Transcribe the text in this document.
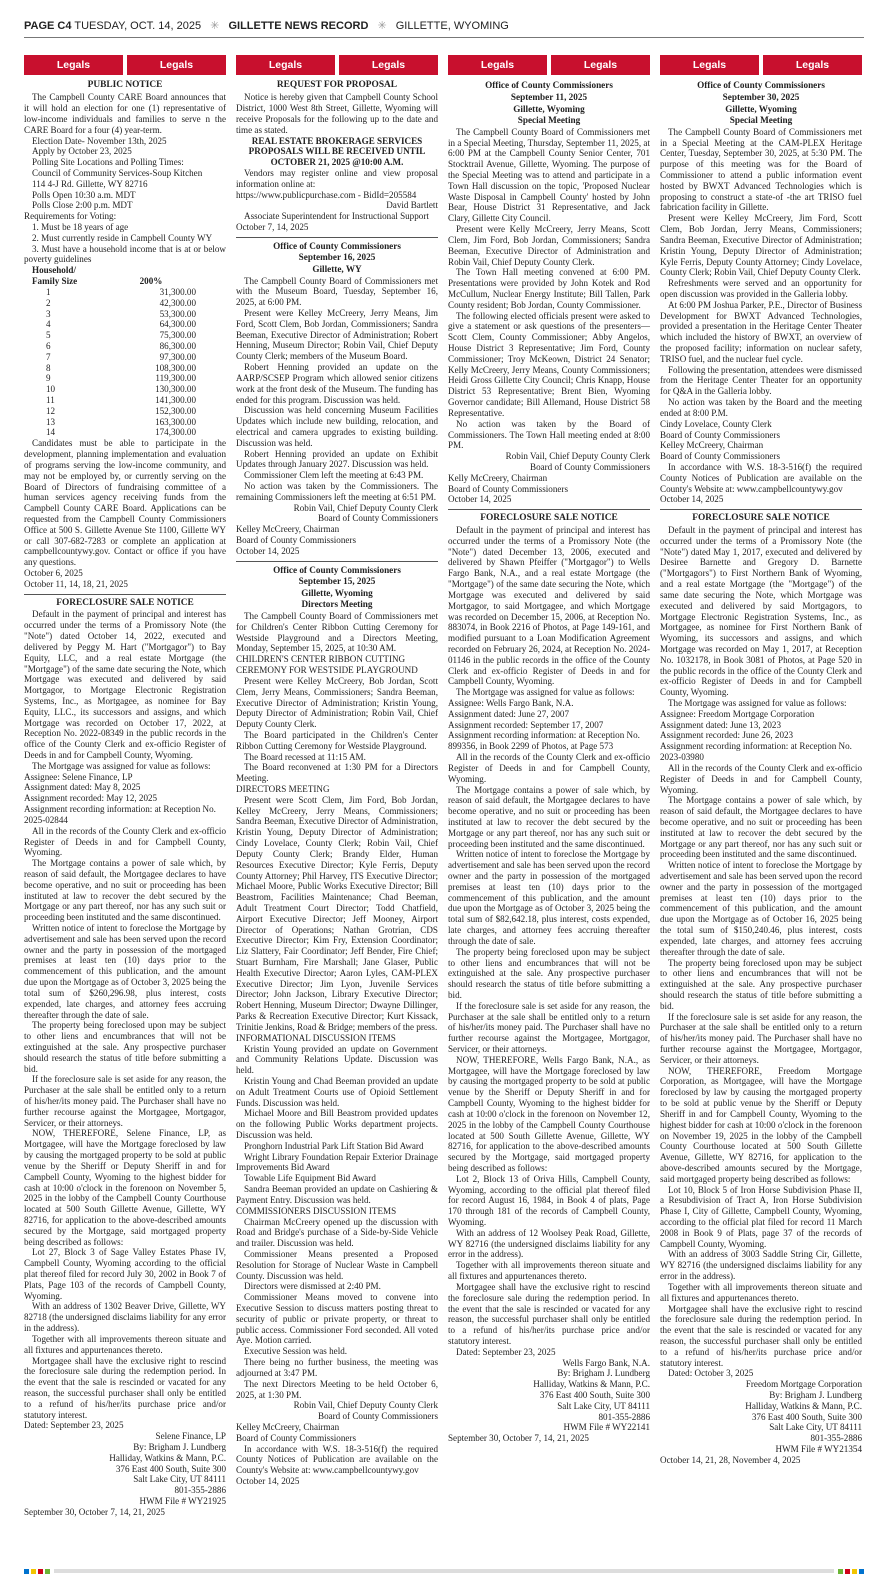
PAGE C4 TUESDAY, OCT. 14, 2025 ✳ GILLETTE NEWS RECORD ✳ GILLETTE, WYOMING
Legals	Legals
PUBLIC NOTICE

The Campbell County CARE Board announces that it will hold an election for one (1) representative of low-income individuals and families to serve n the CARE Board for a four (4) year-term.

Election Date- November 13th, 2025

Apply by October 23, 2025

Polling Site Locations and Polling Times:

Council of Community Services-Soup Kitchen

114 4-J Rd. Gillette, WY 82716

Polls Open 10:30 a.m. MDT

Polls Close 2:00 p.m. MDT

Requirements for Voting:

1. Must be 18 years of age

2. Must currently reside in Campbell County WY

3. Must have a household income that is at or below poverty guidelines

Household/	
Family Size	200%
1	31,300.00
2	42,300.00
3	53,300.00
4	64,300.00
5	75,300.00
6	86,300.00
7	97,300.00
8	108,300.00
9	119,300.00
10	130,300.00
11	141,300.00
12	152,300.00
13	163,300.00
14	174,300.00

Candidates must be able to participate in the development, planning implementation and evaluation of programs serving the low-income community, and may not be employed by, or currently serving on the Board of Directors of fundraising committee of a human services agency receiving funds from the Campbell County CARE Board. Applications can be requested from the Campbell County Commissioners Office at 500 S. Gillette Avenue Ste 1100, Gillette WY or call 307-682-7283 or complete an application at campbellcountywy.gov. Contact or office if you have any questions.

October 6, 2025

October 11, 14, 18, 21, 2025

FORECLOSURE SALE NOTICE

Default in the payment of principal and interest has occurred under the terms of a Promissory Note (the "Note") dated October 14, 2022, executed and delivered by Peggy M. Hart ("Mortgagor") to Bay Equity, LLC, and a real estate Mortgage (the "Mortgage") of the same date securing the Note, which Mortgage was executed and delivered by said Mortgagor, to Mortgage Electronic Registration Systems, Inc., as Mortgagee, as nominee for Bay Equity, LLC., its successors and assigns, and which Mortgage was recorded on October 17, 2022, at Reception No. 2022-08349 in the public records in the office of the County Clerk and ex-officio Register of Deeds in and for Campbell County, Wyoming.

The Mortgage was assigned for value as follows:

Assignee: Selene Finance, LP

Assignment dated: May 8, 2025

Assignment recorded: May 12, 2025

Assignment recording information: at Reception No. 2025-02844

All in the records of the County Clerk and ex-officio Register of Deeds in and for Campbell County, Wyoming.

The Mortgage contains a power of sale which, by reason of said default, the Mortgagee declares to have become operative, and no suit or proceeding has been instituted at law to recover the debt secured by the Mortgage or any part thereof, nor has any such suit or proceeding been instituted and the same discontinued.

Written notice of intent to foreclose the Mortgage by advertisement and sale has been served upon the record owner and the party in possession of the mortgaged premises at least ten (10) days prior to the commencement of this publication, and the amount due upon the Mortgage as of October 3, 2025 being the total sum of $260,296.98, plus interest, costs expended, late charges, and attorney fees accruing thereafter through the date of sale.

The property being foreclosed upon may be subject to other liens and encumbrances that will not be extinguished at the sale. Any prospective purchaser should research the status of title before submitting a bid.

If the foreclosure sale is set aside for any reason, the Purchaser at the sale shall be entitled only to a return of his/her/its money paid. The Purchaser shall have no further recourse against the Mortgagee, Mortgagor, Servicer, or their attorneys.

NOW, THEREFORE, Selene Finance, LP, as Mortgagee, will have the Mortgage foreclosed by law by causing the mortgaged property to be sold at public venue by the Sheriff or Deputy Sheriff in and for Campbell County, Wyoming to the highest bidder for cash at 10:00 o'clock in the forenoon on November 5, 2025 in the lobby of the Campbell County Courthouse located at 500 South Gillette Avenue, Gillette, WY 82716, for application to the above-described amounts secured by the Mortgage, said mortgaged property being described as follows:

Lot 27, Block 3 of Sage Valley Estates Phase IV, Campbell County, Wyoming according to the official plat thereof filed for record July 30, 2002 in Book 7 of Plats, Page 103 of the records of Campbell County, Wyoming.

With an address of 1302 Beaver Drive, Gillette, WY 82718 (the undersigned disclaims liability for any error in the address).

Together with all improvements thereon situate and all fixtures and appurtenances thereto.

Mortgagee shall have the exclusive right to rescind the foreclosure sale during the redemption period. In the event that the sale is rescinded or vacated for any reason, the successful purchaser shall only be entitled to a refund of his/her/its purchase price and/or statutory interest.

Dated: September 23, 2025

Selene Finance, LP

By: Brigham J. Lundberg

Halliday, Watkins & Mann, P.C.

376 East 400 South, Suite 300

Salt Lake City, UT 84111

801-355-2886

HWM File # WY21925

September 30, October 7, 14, 21, 2025

Legals	Legals
REQUEST FOR PROPOSAL

Notice is hereby given that Campbell County School District, 1000 West 8th Street, Gillette, Wyoming will receive Proposals for the following up to the date and time as stated.

REAL ESTATE BROKERAGE SERVICES PROPOSALS WILL BE RECEIVED UNTIL OCTOBER 21, 2025 @10:00 A.M.

Vendors may register online and view proposal information online at:

https://www.publicpurchase.com - BidId=205584

David Bartlett

Associate Superintendent for Instructional Support

October 7, 14, 2025

Office of County Commissioners
September 16, 2025
Gillette, WY

The Campbell County Board of Commissioners met with the Museum Board, Tuesday, September 16, 2025, at 6:00 PM.

Present were Kelley McCreery, Jerry Means, Jim Ford, Scott Clem, Bob Jordan, Commissioners; Sandra Beeman, Executive Director of Administration; Robert Henning, Museum Director; Robin Vail, Chief Deputy County Clerk; members of the Museum Board.

Robert Henning provided an update on the AARP/SCSEP Program which allowed senior citizens work at the front desk of the Museum. The funding has ended for this program. Discussion was held.

Discussion was held concerning Museum Facilities Updates which include new building, relocation, and electrical and camera upgrades to existing building. Discussion was held.

Robert Henning provided an update on Exhibit Updates through January 2027. Discussion was held.

Commissioner Clem left the meeting at 6:43 PM.

No action was taken by the Commissioners. The remaining Commissioners left the meeting at 6:51 PM.

Robin Vail, Chief Deputy County Clerk

Board of County Commissioners

Kelley McCreery, Chairman

Board of County Commissioners

October 14, 2025

Office of County Commissioners
September 15, 2025
Gillette, Wyoming
Directors Meeting

The Campbell County Board of Commissioners met for Children's Center Ribbon Cutting Ceremony for Westside Playground and a Directors Meeting, Monday, September 15, 2025, at 10:30 AM.

CHILDREN'S CENTER RIBBON CUTTING CEREMONY FOR WESTSIDE PLAYGROUND

Present were Kelley McCreery, Bob Jordan, Scott Clem, Jerry Means, Commissioners; Sandra Beeman, Executive Director of Administration; Kristin Young, Deputy Director of Administration; Robin Vail, Chief Deputy County Clerk.

The Board participated in the Children's Center Ribbon Cutting Ceremony for Westside Playground.

The Board recessed at 11:15 AM.

The Board reconvened at 1:30 PM for a Directors Meeting.

DIRECTORS MEETING

Present were Scott Clem, Jim Ford, Bob Jordan, Kelley McCreery, Jerry Means, Commissioners; Sandra Beeman, Executive Director of Administration, Kristin Young, Deputy Director of Administration; Cindy Lovelace, County Clerk; Robin Vail, Chief Deputy County Clerk; Brandy Elder, Human Resources Executive Director; Kyle Ferris, Deputy County Attorney; Phil Harvey, ITS Executive Director; Michael Moore, Public Works Executive Director; Bill Beastrom, Facilities Maintenance; Chad Beeman, Adult Treatment Court Director; Todd Chatfield, Airport Executive Director; Jeff Mooney, Airport Director of Operations; Nathan Grotrian, CDS Executive Director; Kim Fry, Extension Coordinator; Liz Slattery, Fair Coordinator; Jeff Bender, Fire Chief; Stuart Burnham, Fire Marshall; Jane Glaser, Public Health Executive Director; Aaron Lyles, CAM-PLEX Executive Director; Jim Lyon, Juvenile Services Director; John Jackson, Library Executive Director; Robert Henning, Museum Director; Dwayne Dillinger, Parks & Recreation Executive Director; Kurt Kissack, Trinitie Jenkins, Road & Bridge; members of the press.

INFORMATIONAL DISCUSSION ITEMS

Kristin Young provided an update on Government and Community Relations Update. Discussion was held.

Kristin Young and Chad Beeman provided an update on Adult Treatment Courts use of Opioid Settlement Funds. Discussion was held.

Michael Moore and Bill Beastrom provided updates on the following Public Works department projects. Discussion was held.

Pronghorn Industrial Park Lift Station Bid Award

Wright Library Foundation Repair Exterior Drainage Improvements Bid Award

Towable Life Equipment Bid Award

Sandra Beeman provided an update on Cashiering & Payment Entry. Discussion was held.

COMMISSIONERS DISCUSSION ITEMS

Chairman McCreery opened up the discussion with Road and Bridge's purchase of a Side-by-Side Vehicle and trailer. Discussion was held.

Commissioner Means presented a Proposed Resolution for Storage of Nuclear Waste in Campbell County. Discussion was held.

Directors were dismissed at 2:40 PM.

Commissioner Means moved to convene into Executive Session to discuss matters posting threat to security of public or private property, or threat to public access. Commissioner Ford seconded. All voted Aye. Motion carried.

Executive Session was held.

There being no further business, the meeting was adjourned at 3:47 PM.

The next Directors Meeting to be held October 6, 2025, at 1:30 PM.

Robin Vail, Chief Deputy County Clerk

Board of County Commissioners

Kelley McCreery, Chairman

Board of County Commissioners

In accordance with W.S. 18-3-516(f) the required County Notices of Publication are available on the County's Website at: www.campbellcountywy.gov

October 14, 2025

Legals	Legals
Office of County Commissioners
September 11, 2025
Gillette, Wyoming
Special Meeting

The Campbell County Board of Commissioners met in a Special Meeting, Thursday, September 11, 2025, at 6:00 PM at the Campbell County Senior Center, 701 Stocktrail Avenue, Gillette, Wyoming. The purpose of the Special Meeting was to attend and participate in a Town Hall discussion on the topic, 'Proposed Nuclear Waste Disposal in Campbell County' hosted by John Bear, House District 31 Representative, and Jack Clary, Gillette City Council.

Present were Kelly McCreery, Jerry Means, Scott Clem, Jim Ford, Bob Jordan, Commissioners; Sandra Beeman, Executive Director of Administration and Robin Vail, Chief Deputy County Clerk.

The Town Hall meeting convened at 6:00 PM. Presentations were provided by John Kotek and Rod McCullum, Nuclear Energy Institute; Bill Tallen, Park County resident; Bob Jordan, County Commissioner.

The following elected officials present were asked to give a statement or ask questions of the presenters—Scott Clem, County Commissioner; Abby Angelos, House District 3 Representative; Jim Ford, County Commissioner; Troy McKeown, District 24 Senator; Kelly McCreery, Jerry Means, County Commissioners; Heidi Gross Gillette City Council; Chris Knapp, House District 53 Representative; Brent Bien, Wyoming Governor candidate; Bill Allemand, House District 58 Representative.

No action was taken by the Board of Commissioners. The Town Hall meeting ended at 8:00 PM.

Robin Vail, Chief Deputy County Clerk

Board of County Commissioners

Kelly McCreery, Chairman

Board of County Commissioners

October 14, 2025

FORECLOSURE SALE NOTICE

Default in the payment of principal and interest has occurred under the terms of a Promissory Note (the "Note") dated December 13, 2006, executed and delivered by Shawn Pfeiffer ("Mortgagor") to Wells Fargo Bank, N.A., and a real estate Mortgage (the "Mortgage") of the same date securing the Note, which Mortgage was executed and delivered by said Mortgagor, to said Mortgagee, and which Mortgage was recorded on December 15, 2006, at Reception No. 883074, in Book 2216 of Photos, at Page 149-161, and modified pursuant to a Loan Modification Agreement recorded on February 26, 2024, at Reception No. 2024-01146 in the public records in the office of the County Clerk and ex-officio Register of Deeds in and for Campbell County, Wyoming.

The Mortgage was assigned for value as follows:

Assignee: Wells Fargo Bank, N.A.

Assignment dated: June 27, 2007

Assignment recorded: September 17, 2007

Assignment recording information: at Reception No. 899356, in Book 2299 of Photos, at Page 573

All in the records of the County Clerk and ex-officio Register of Deeds in and for Campbell County, Wyoming.

The Mortgage contains a power of sale which, by reason of said default, the Mortgagee declares to have become operative, and no suit or proceeding has been instituted at law to recover the debt secured by the Mortgage or any part thereof, nor has any such suit or proceeding been instituted and the same discontinued.

Written notice of intent to foreclose the Mortgage by advertisement and sale has been served upon the record owner and the party in possession of the mortgaged premises at least ten (10) days prior to the commencement of this publication, and the amount due upon the Mortgage as of October 3, 2025 being the total sum of $82,642.18, plus interest, costs expended, late charges, and attorney fees accruing thereafter through the date of sale.

The property being foreclosed upon may be subject to other liens and encumbrances that will not be extinguished at the sale. Any prospective purchaser should research the status of title before submitting a bid.

If the foreclosure sale is set aside for any reason, the Purchaser at the sale shall be entitled only to a return of his/her/its money paid. The Purchaser shall have no further recourse against the Mortgagee, Mortgagor, Servicer, or their attorneys.

NOW, THEREFORE, Wells Fargo Bank, N.A., as Mortgagee, will have the Mortgage foreclosed by law by causing the mortgaged property to be sold at public venue by the Sheriff or Deputy Sheriff in and for Campbell County, Wyoming to the highest bidder for cash at 10:00 o'clock in the forenoon on November 12, 2025 in the lobby of the Campbell County Courthouse located at 500 South Gillette Avenue, Gillette, WY 82716, for application to the above-described amounts secured by the Mortgage, said mortgaged property being described as follows:

Lot 2, Block 13 of Oriva Hills, Campbell County, Wyoming, according to the official plat thereof filed for record August 16, 1984, in Book 4 of plats, Page 170 through 181 of the records of Campbell County, Wyoming.

With an address of 12 Woolsey Peak Road, Gillette, WY 82716 (the undersigned disclaims liability for any error in the address).

Together with all improvements thereon situate and all fixtures and appurtenances thereto.

Mortgagee shall have the exclusive right to rescind the foreclosure sale during the redemption period. In the event that the sale is rescinded or vacated for any reason, the successful purchaser shall only be entitled to a refund of his/her/its purchase price and/or statutory interest.

Dated: September 23, 2025

Wells Fargo Bank, N.A.

By: Brigham J. Lundberg

Halliday, Watkins & Mann, P.C.

376 East 400 South, Suite 300

Salt Lake City, UT 84111

801-355-2886

HWM File # WY22141

September 30, October 7, 14, 21, 2025

Legals	Legals
Office of County Commissioners
September 30, 2025
Gillette, Wyoming
Special Meeting

The Campbell County Board of Commissioners met in a Special Meeting at the CAM-PLEX Heritage Center, Tuesday, September 30, 2025, at 5:30 PM. The purpose of this meeting was for the Board of Commissioner to attend a public information event hosted by BWXT Advanced Technologies which is proposing to construct a state-of -the art TRISO fuel fabrication facility in Gillette.

Present were Kelley McCreery, Jim Ford, Scott Clem, Bob Jordan, Jerry Means, Commissioners; Sandra Beeman, Executive Director of Administration; Kristin Young, Deputy Director of Administration; Kyle Ferris, Deputy County Attorney; Cindy Lovelace, County Clerk; Robin Vail, Chief Deputy County Clerk.

Refreshments were served and an opportunity for open discussion was provided in the Galleria lobby.

At 6:00 PM Joshua Parker, P.E., Director of Business Development for BWXT Advanced Technologies, provided a presentation in the Heritage Center Theater which included the history of BWXT, an overview of the proposed facility; information on nuclear safety, TRISO fuel, and the nuclear fuel cycle.

Following the presentation, attendees were dismissed from the Heritage Center Theater for an opportunity for Q&A in the Galleria lobby.

No action was taken by the Board and the meeting ended at 8:00 P.M.

Cindy Lovelace, County Clerk

Board of County Commissioners

Kelley McCreery, Chairman

Board of County Commissioners

In accordance with W.S. 18-3-516(f) the required County Notices of Publication are available on the County's Website at: www.campbellcountywy.gov

October 14, 2025

FORECLOSURE SALE NOTICE

Default in the payment of principal and interest has occurred under the terms of a Promissory Note (the "Note") dated May 1, 2017, executed and delivered by Desiree Barnette and Gregory D. Barnette ("Mortgagors") to First Northern Bank of Wyoming, and a real estate Mortgage (the "Mortgage") of the same date securing the Note, which Mortgage was executed and delivered by said Mortgagors, to Mortgage Electronic Registration Systems, Inc., as Mortgagee, as nominee for First Northern Bank of Wyoming, its successors and assigns, and which Mortgage was recorded on May 1, 2017, at Reception No. 1032178, in Book 3081 of Photos, at Page 520 in the public records in the office of the County Clerk and ex-officio Register of Deeds in and for Campbell County, Wyoming.

The Mortgage was assigned for value as follows:

Assignee: Freedom Mortgage Corporation

Assignment dated: June 13, 2023

Assignment recorded: June 26, 2023

Assignment recording information: at Reception No. 2023-03980

All in the records of the County Clerk and ex-officio Register of Deeds in and for Campbell County, Wyoming.

The Mortgage contains a power of sale which, by reason of said default, the Mortgagee declares to have become operative, and no suit or proceeding has been instituted at law to recover the debt secured by the Mortgage or any part thereof, nor has any such suit or proceeding been instituted and the same discontinued.

Written notice of intent to foreclose the Mortgage by advertisement and sale has been served upon the record owner and the party in possession of the mortgaged premises at least ten (10) days prior to the commencement of this publication, and the amount due upon the Mortgage as of October 16, 2025 being the total sum of $150,240.46, plus interest, costs expended, late charges, and attorney fees accruing thereafter through the date of sale.

The property being foreclosed upon may be subject to other liens and encumbrances that will not be extinguished at the sale. Any prospective purchaser should research the status of title before submitting a bid.

If the foreclosure sale is set aside for any reason, the Purchaser at the sale shall be entitled only to a return of his/her/its money paid. The Purchaser shall have no further recourse against the Mortgagee, Mortgagor, Servicer, or their attorneys.

NOW, THEREFORE, Freedom Mortgage Corporation, as Mortgagee, will have the Mortgage foreclosed by law by causing the mortgaged property to be sold at public venue by the Sheriff or Deputy Sheriff in and for Campbell County, Wyoming to the highest bidder for cash at 10:00 o'clock in the forenoon on November 19, 2025 in the lobby of the Campbell County Courthouse located at 500 South Gillette Avenue, Gillette, WY 82716, for application to the above-described amounts secured by the Mortgage, said mortgaged property being described as follows:

Lot 10, Block 5 of Iron Horse Subdivision Phase II, a Resubdivision of Tract A, Iron Horse Subdivision Phase I, City of Gillette, Campbell County, Wyoming, according to the official plat filed for record 11 March 2008 in Book 9 of Plats, page 37 of the records of Campbell County, Wyoming.

With an address of 3003 Saddle String Cir, Gillette, WY 82716 (the undersigned disclaims liability for any error in the address).

Together with all improvements thereon situate and all fixtures and appurtenances thereto.

Mortgagee shall have the exclusive right to rescind the foreclosure sale during the redemption period. In the event that the sale is rescinded or vacated for any reason, the successful purchaser shall only be entitled to a refund of his/her/its purchase price and/or statutory interest.

Dated: October 3, 2025

Freedom Mortgage Corporation

By: Brigham J. Lundberg

Halliday, Watkins & Mann, P.C.

376 East 400 South, Suite 300

Salt Lake City, UT 84111

801-355-2886

HWM File # WY21354

October 14, 21, 28, November 4, 2025
